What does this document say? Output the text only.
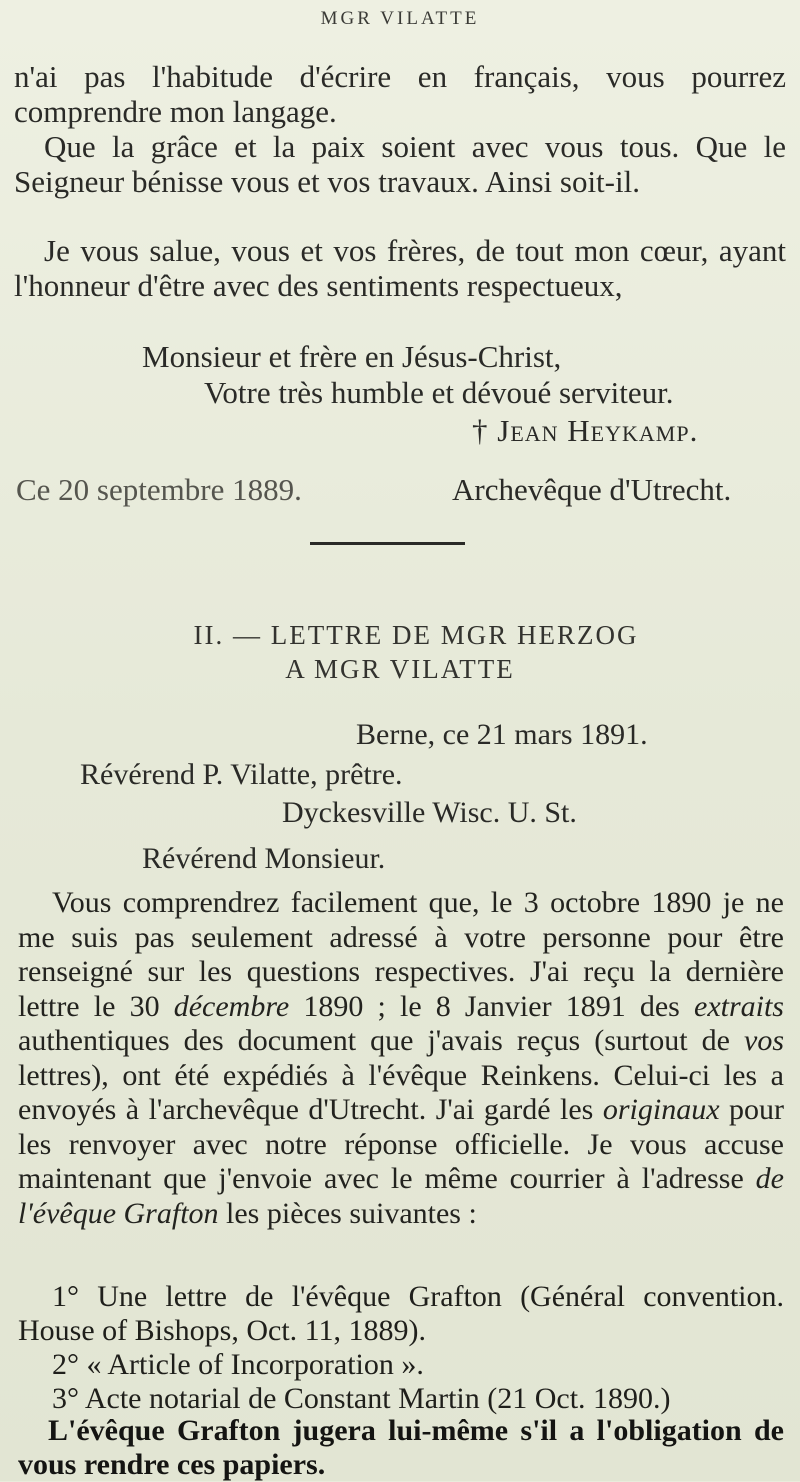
MGR VILATTE
n'ai pas l'habitude d'écrire en français, vous pourrez comprendre mon langage.
Que la grâce et la paix soient avec vous tous. Que le Seigneur bénisse vous et vos travaux. Ainsi soit-il.
Je vous salue, vous et vos frères, de tout mon cœur, ayant l'honneur d'être avec des sentiments respectueux,
Monsieur et frère en Jésus-Christ,
Votre très humble et dévoué serviteur.
† Jean Heykamp.
Ce 20 septembre 1889.	Archevêque d'Utrecht.
II. — LETTRE DE MGR HERZOG
A MGR VILATTE
Berne, ce 21 mars 1891.
Révérend P. Vilatte, prêtre.
Dyckesville Wisc. U. St.
Révérend Monsieur.
Vous comprendrez facilement que, le 3 octobre 1890 je ne me suis pas seulement adressé à votre personne pour être renseigné sur les questions respectives. J'ai reçu la dernière lettre le 30 décembre 1890 ; le 8 Janvier 1891 des extraits authentiques des document que j'avais reçus (surtout de vos lettres), ont été expédiés à l'évêque Reinkens. Celui-ci les a envoyés à l'archevêque d'Utrecht. J'ai gardé les originaux pour les renvoyer avec notre réponse officielle. Je vous accuse maintenant que j'envoie avec le même courrier à l'adresse de l'évêque Grafton les pièces suivantes :
1° Une lettre de l'évêque Grafton (Général convention. House of Bishops, Oct. 11, 1889).
2° « Article of Incorporation ».
3° Acte notarial de Constant Martin (21 Oct. 1890.)
L'évêque Grafton jugera lui-même s'il a l'obligation de vous rendre ces papiers.
